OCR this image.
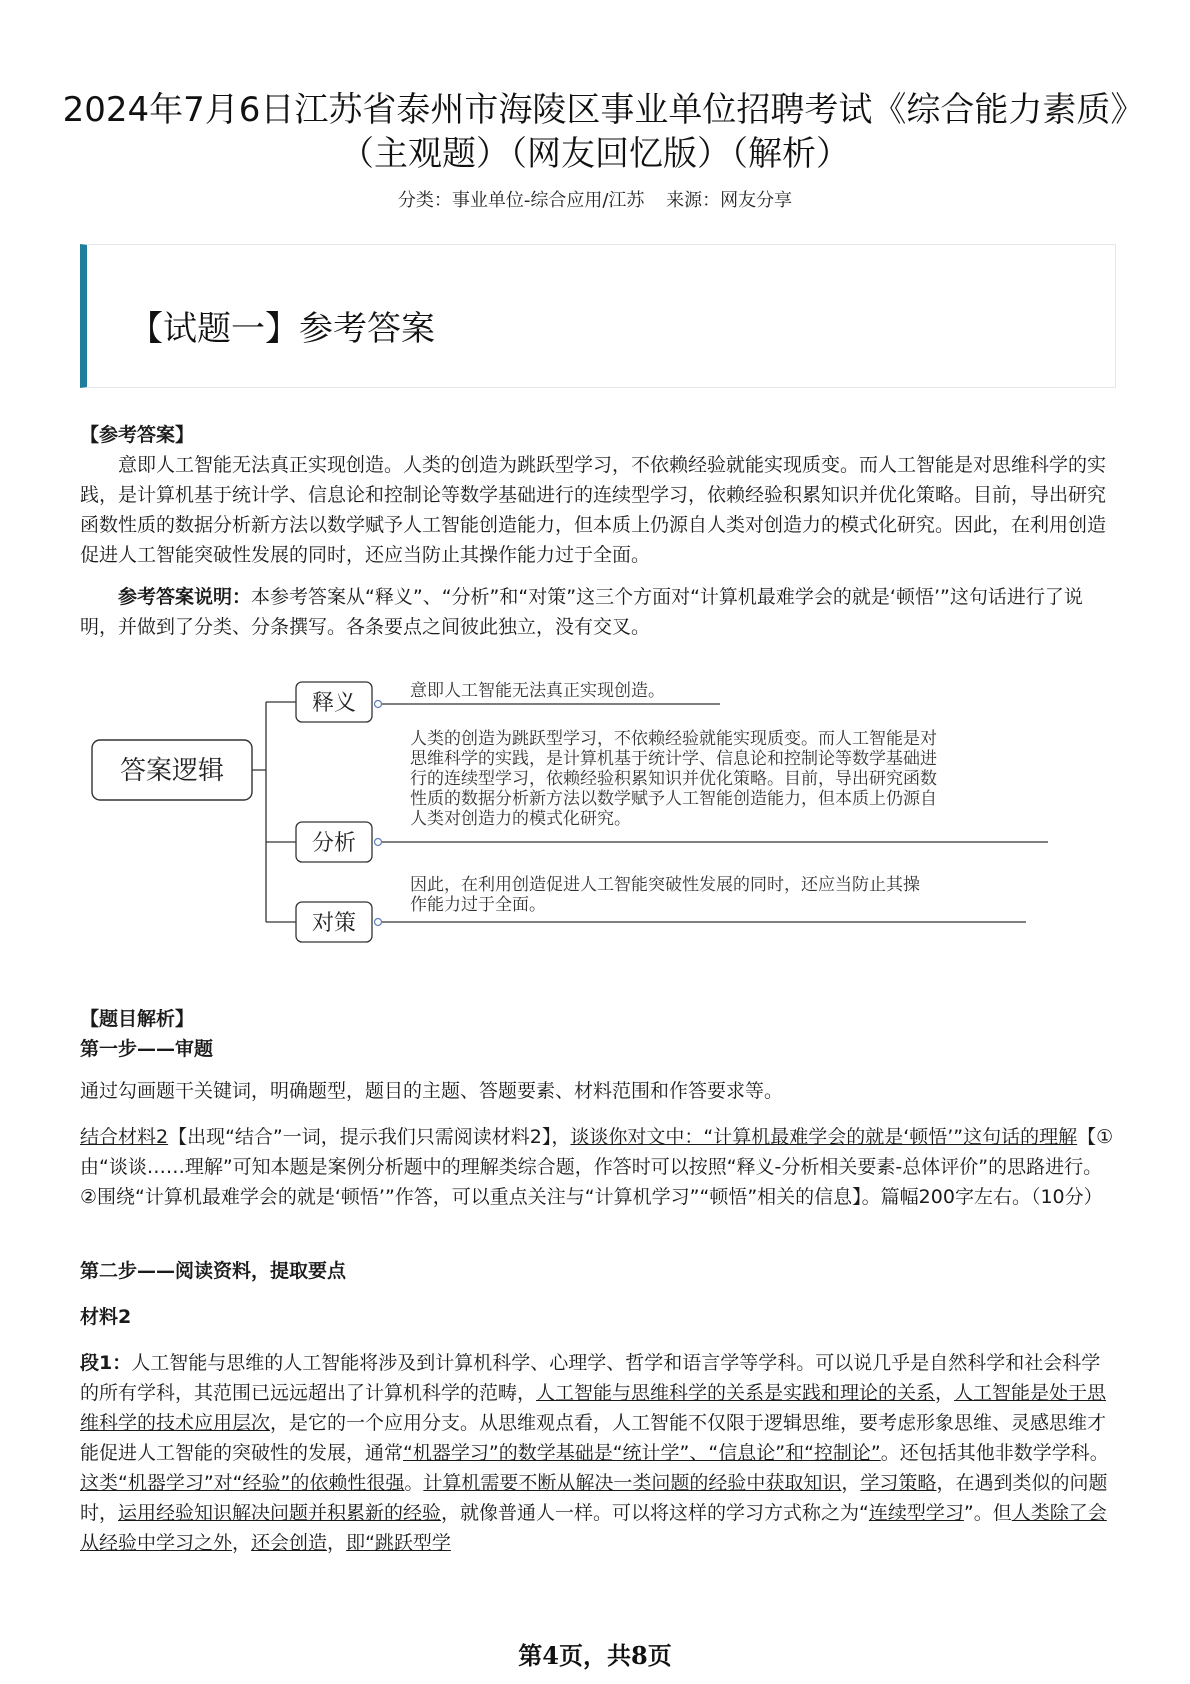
2024年7月6日江苏省泰州市海陵区事业单位招聘考试《综合能力素质》（主观题）（网友回忆版）（解析）
分类：事业单位-综合应用/江苏 来源：网友分享
【试题一】参考答案

【参考答案】

意即人工智能无法真正实现创造。人类的创造为跳跃型学习，不依赖经验就能实现质变。而人工智能是对思维科学的实践，是计算机基于统计学、信息论和控制论等数学基础进行的连续型学习，依赖经验积累知识并优化策略。目前，导出研究函数性质的数据分析新方法以数学赋予人工智能创造能力，但本质上仍源自人类对创造力的模式化研究。因此，在利用创造促进人工智能突破性发展的同时，还应当防止其操作能力过于全面。

参考答案说明：本参考答案从“释义”、“分析”和“对策”这三个方面对“计算机最难学会的就是‘顿悟’”这句话进行了说明，并做到了分类、分条撰写。各条要点之间彼此独立，没有交叉。

答案逻辑
释义	意即人工智能无法真正实现创造。
分析
人类的创造为跳跃型学习，不依赖经验就能实现质变。而人工智能是对
思维科学的实践，是计算机基于统计学、信息论和控制论等数学基础进
行的连续型学习，依赖经验积累知识并优化策略。目前，导出研究函数
性质的数据分析新方法以数学赋予人工智能创造能力，但本质上仍源自
人类对创造力的模式化研究。
对策
因此，在利用创造促进人工智能突破性发展的同时，还应当防止其操
作能力过于全面。

【题目解析】

第一步——审题

通过勾画题干关键词，明确题型，题目的主题、答题要素、材料范围和作答要求等。

结合材料2【出现“结合”一词，提示我们只需阅读材料2】，谈谈你对文中：“计算机最难学会的就是‘顿悟’”这句话的理解【①由“谈谈……理解”可知本题是案例分析题中的理解类综合题，作答时可以按照“释义-分析相关要素-总体评价”的思路进行。②围绕“计算机最难学会的就是‘顿悟’”作答，可以重点关注与“计算机学习”“顿悟”相关的信息】。篇幅200字左右。（10分）

第二步——阅读资料，提取要点

材料2

段1：人工智能与思维的人工智能将涉及到计算机科学、心理学、哲学和语言学等学科。可以说几乎是自然科学和社会科学的所有学科，其范围已远远超出了计算机科学的范畴，人工智能与思维科学的关系是实践和理论的关系，人工智能是处于思维科学的技术应用层次，是它的一个应用分支。从思维观点看，人工智能不仅限于逻辑思维，要考虑形象思维、灵感思维才能促进人工智能的突破性的发展，通常“机器学习”的数学基础是“统计学”、“信息论”和“控制论”。还包括其他非数学学科。这类“机器学习”对“经验”的依赖性很强。计算机需要不断从解决一类问题的经验中获取知识，学习策略，在遇到类似的问题时，运用经验知识解决问题并积累新的经验，就像普通人一样。可以将这样的学习方式称之为“连续型学习”。但人类除了会从经验中学习之外，还会创造，即“跳跃型学

第4页，共8页
